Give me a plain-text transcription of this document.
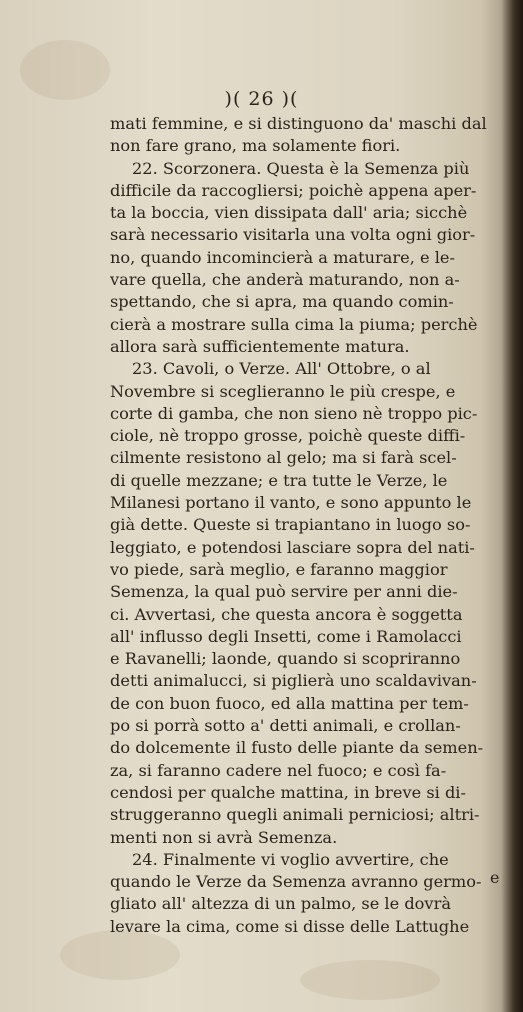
)( 26 )(
mati femmine, e si distinguono da' maschi dal
non fare grano, ma solamente fiori.
22. Scorzonera. Questa è la Semenza più
difficile da raccogliersi; poichè appena aper-
ta la boccia, vien dissipata dall' aria; sicchè
sarà necessario visitarla una volta ogni gior-
no, quando incomincierà a maturare, e le-
vare quella, che anderà maturando, non a-
spettando, che si apra, ma quando comin-
cierà a mostrare sulla cima la piuma; perchè
allora sarà sufficientemente matura.
23. Cavoli, o Verze. All' Ottobre, o al
Novembre si sceglieranno le più crespe, e
corte di gamba, che non sieno nè troppo pic-
ciole, nè troppo grosse, poichè queste diffi-
cilmente resistono al gelo; ma si farà scel-
di quelle mezzane; e tra tutte le Verze, le
Milanesi portano il vanto, e sono appunto le
già dette. Queste si trapiantano in luogo so-
leggiato, e potendosi lasciare sopra del nati-
vo piede, sarà meglio, e faranno maggior
Semenza, la qual può servire per anni die-
ci. Avvertasi, che questa ancora è soggetta
all' influsso degli Insetti, come i Ramolacci
e Ravanelli; laonde, quando si scopriranno
detti animalucci, si piglierà uno scaldavivan-
de con buon fuoco, ed alla mattina per tem-
po si porrà sotto a' detti animali, e crollan-
do dolcemente il fusto delle piante da semen-
za, si faranno cadere nel fuoco; e così fa-
cendosi per qualche mattina, in breve si di-
struggeranno quegli animali perniciosi; altri-
menti non si avrà Semenza.
24. Finalmente vi voglio avvertire, che
quando le Verze da Semenza avranno germo-
gliato all' altezza di un palmo, se le dovrà
levare la cima, come si disse delle Lattughe
e
